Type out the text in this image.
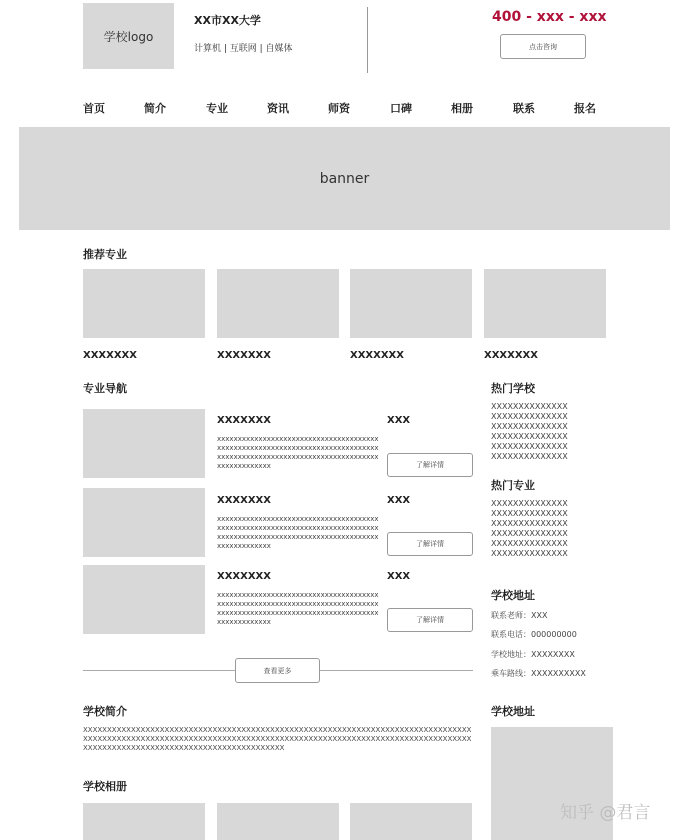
学校logo
XX市XX大学
计算机 | 互联网 | 自媒体
400 - xxx - xxx
点击咨询
首页	简介	专业	资讯	师资	口碑	相册	联系	报名
banner
推荐专业
XXXXXXX	XXXXXXX	XXXXXXX	XXXXXXX
专业导航
XXXXXXX	XXX
xxxxxxxxxxxxxxxxxxxxxxxxxxxxxxxxxxxxxxxxxxxxxxxxxxxxxxxxxxxxxxxxxxxxxxxxxxxxxxxxxxxxxxxxxxxxxxxxxxxxxxxxxxxxxxxxxxxxxxxxxxxxxxxxxx	了解详情
XXXXXXX	XXX
xxxxxxxxxxxxxxxxxxxxxxxxxxxxxxxxxxxxxxxxxxxxxxxxxxxxxxxxxxxxxxxxxxxxxxxxxxxxxxxxxxxxxxxxxxxxxxxxxxxxxxxxxxxxxxxxxxxxxxxxxxxxxxxxxx	了解详情
XXXXXXX	XXX
xxxxxxxxxxxxxxxxxxxxxxxxxxxxxxxxxxxxxxxxxxxxxxxxxxxxxxxxxxxxxxxxxxxxxxxxxxxxxxxxxxxxxxxxxxxxxxxxxxxxxxxxxxxxxxxxxxxxxxxxxxxxxxxxxx	了解详情
查看更多
热门学校
XXXXXXXXXXXXXX
XXXXXXXXXXXXXX
XXXXXXXXXXXXXX
XXXXXXXXXXXXXX
XXXXXXXXXXXXXX
XXXXXXXXXXXXXX
热门专业
XXXXXXXXXXXXXX
XXXXXXXXXXXXXX
XXXXXXXXXXXXXX
XXXXXXXXXXXXXX
XXXXXXXXXXXXXX
XXXXXXXXXXXXXX
学校地址
联系老师：XXX
联系电话：000000000
学校地址：XXXXXXXX
乘车路线：XXXXXXXXXX
学校简介
XXXXXXXXXXXXXXXXXXXXXXXXXXXXXXXXXXXXXXXXXXXXXXXXXXXXXXXXXXXXXXXXXXXXXXXXXXXXXXXXXXXXXXXXXXXXXXXXXXXXXXXXXXXXXXXXXXXXXXXXXXXXXXXXXXXXXXXXXXXXXXXXXXXXXXXXXXXXXXXXXXXXXXXXXXXXXXXXXXXXXXXXXXXXXXXXXXXXXXXXXXXX
学校相册
学校地址
知乎 @君言
